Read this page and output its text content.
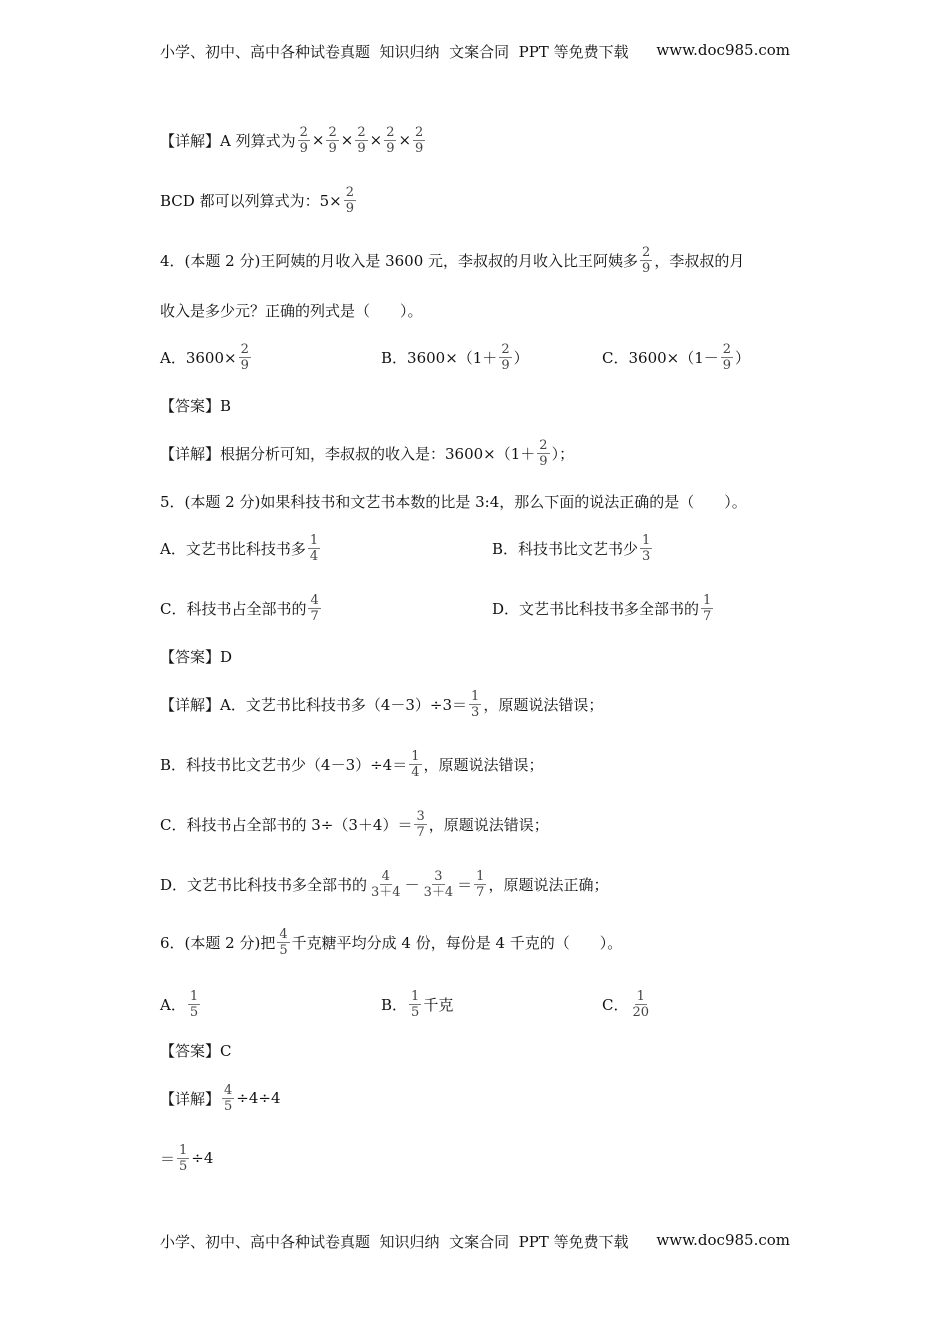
小学、初中、高中各种试卷真题  知识归纳  文案合同  PPT 等免费下载 www.doc985.com
【详解】A 列算式为 $\frac{2}{9} \times \frac{2}{9} \times \frac{2}{9} \times \frac{2}{9} \times \frac{2}{9}$
BCD 都可以列算式为：$5\times \frac{2}{9}$
4．(本题 2 分)王阿姨的月收入是 3600 元，李叔叔的月收入比王阿姨多 $\frac{2}{9}$ ，李叔叔的月
收入是多少元？正确的列式是（　　）。
A．$3600\times \frac{2}{9}$	B．$3600\times(1+ \frac{2}{9}$ ）	C．$3600\times(1- \frac{2}{9}$ ）
【答案】B
【详解】根据分析可知，李叔叔的收入是：$3600\times(1+ \frac{2}{9}$ ）；
5．(本题 2 分)如果科技书和文艺书本数的比是 3:4，那么下面的说法正确的是（　　）。
A．文艺书比科技书多 $\frac{1}{4}$	B．科技书比文艺书少 $\frac{1}{3}$
C．科技书占全部书的 $\frac{4}{7}$	D．文艺书比科技书多全部书的 $\frac{1}{7}$
【答案】D
【详解】A．文艺书比科技书多$(4-3)\div 3= \frac{1}{3}$ ，原题说法错误；
B．科技书比文艺书少$(4-3)\div 4= \frac{1}{4}$ ，原题说法错误；
C．科技书占全部书的 $3\div(3+4)= \frac{3}{7}$ ，原题说法错误；
D．文艺书比科技书多全部书的 $\frac{4}{3+4} - \frac{3}{3+4} = \frac{1}{7}$ ，原题说法正确；
6．(本题 2 分)把 $\frac{4}{5}$ 千克糖平均分成 4 份，每份是 4 千克的（　　）。
A． $\frac{1}{5}$	B． $\frac{1}{5}$ 千克	C． $\frac{1}{20}$
【答案】C
【详解】 $\frac{4}{5} \div 4\div 4$
＝ $\frac{1}{5} \div 4$
小学、初中、高中各种试卷真题  知识归纳  文案合同  PPT 等免费下载 www.doc985.com
